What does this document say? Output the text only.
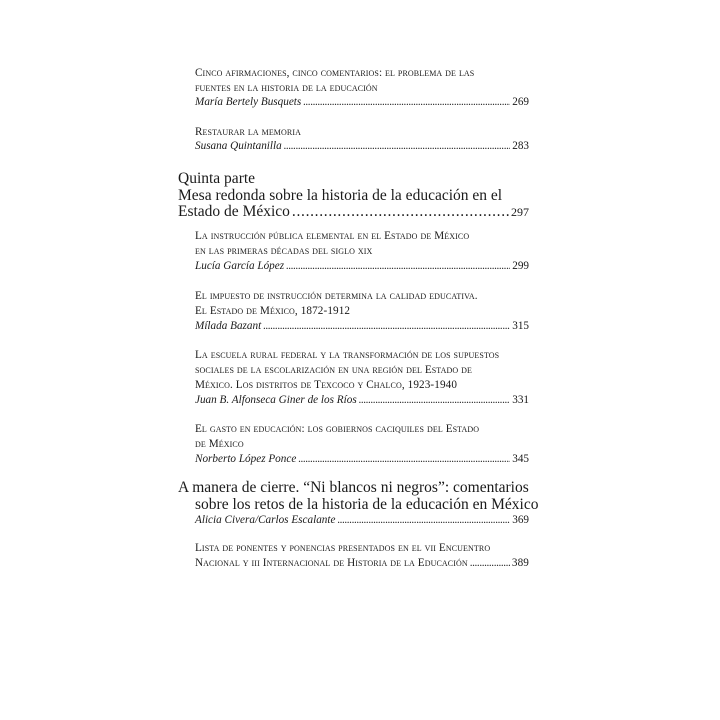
Cinco afirmaciones, cinco comentarios: el problema de las
fuentes en la historia de la educación
María Bertely Busquets . . .	269
Restaurar la memoria
Susana Quintanilla . . .	283
Quinta parte
Mesa redonda sobre la historia de la educación en el
Estado de México . . .	297
La instrucción pública elemental en el Estado de México
en las primeras décadas del siglo xix
Lucía García López . . .	299
El impuesto de instrucción determina la calidad educativa.
El Estado de México, 1872-1912
Mílada Bazant . . .	315
La escuela rural federal y la transformación de los supuestos
sociales de la escolarización en una región del Estado de
México. Los distritos de Texcoco y Chalco, 1923-1940
Juan B. Alfonseca Giner de los Ríos . . .	331
El gasto en educación: los gobiernos caciquiles del Estado
de México
Norberto López Ponce . . .	345
A manera de cierre. “Ni blancos ni negros”: comentarios
sobre los retos de la historia de la educación en México
Alicia Civera/Carlos Escalante . . .	369
Lista de ponentes y ponencias presentados en el vii Encuentro
Nacional y iii Internacional de Historia de la Educación . . .	389
